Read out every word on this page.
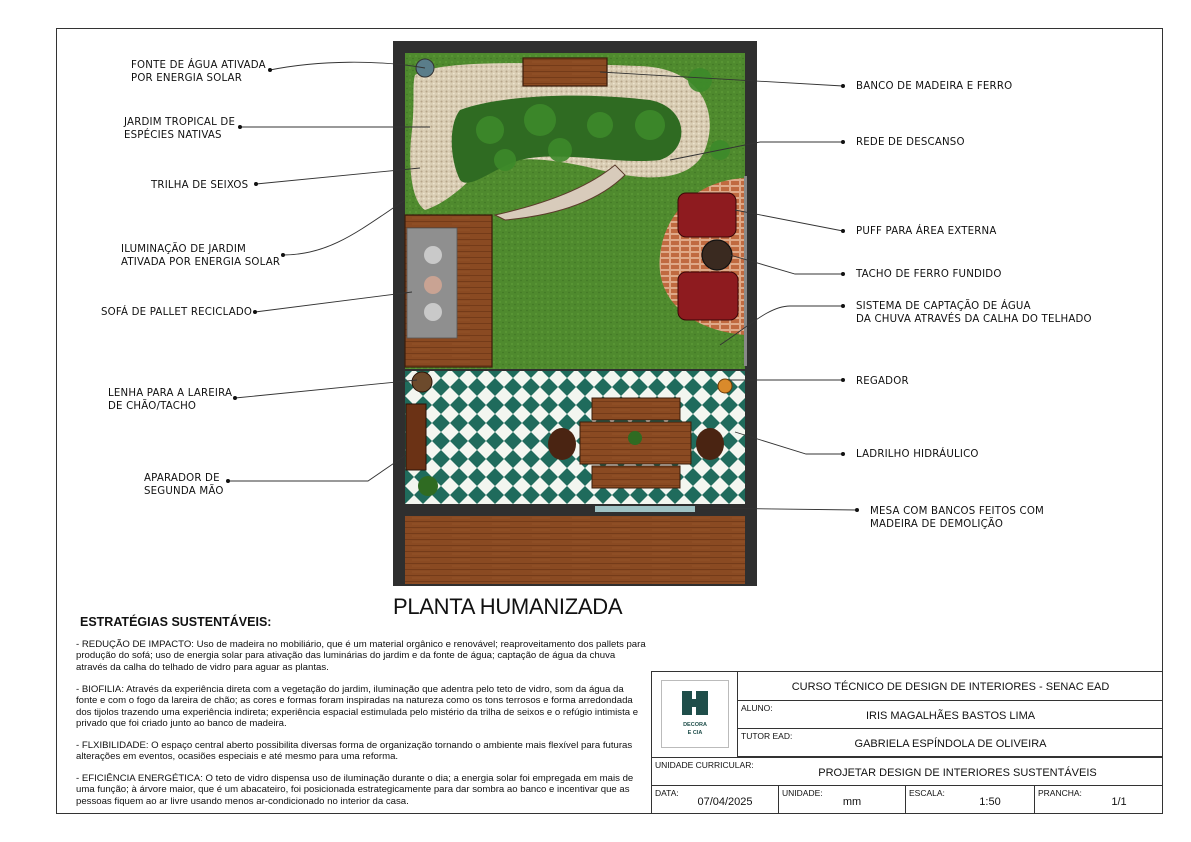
FONTE DE ÁGUA ATIVADA
POR ENERGIA SOLAR
JARDIM TROPICAL DE
ESPÉCIES NATIVAS
TRILHA DE SEIXOS
ILUMINAÇÃO DE JARDIM
ATIVADA POR ENERGIA SOLAR
SOFÁ DE PALLET RECICLADO
LENHA PARA A LAREIRA
DE CHÃO/TACHO
APARADOR DE
SEGUNDA MÃO
BANCO DE MADEIRA E FERRO
REDE DE DESCANSO
PUFF PARA ÁREA EXTERNA
TACHO DE FERRO FUNDIDO
SISTEMA DE CAPTAÇÃO DE ÁGUA
DA CHUVA ATRAVÉS DA CALHA DO TELHADO
REGADOR
LADRILHO HIDRÁULICO
MESA COM BANCOS FEITOS COM
MADEIRA DE DEMOLIÇÃO
PLANTA HUMANIZADA
ESTRATÉGIAS SUSTENTÁVEIS:
- REDUÇÃO DE IMPACTO: Uso de madeira no mobiliário, que é um material orgânico e renovável; reaproveitamento dos pallets para produção do sofá; uso de energia solar para ativação das luminárias do jardim e da fonte de água; captação de água da chuva através da calha do telhado de vidro para aguar as plantas.
- BIOFILIA: Através da experiência direta com a vegetação do jardim, iluminação que adentra pelo teto de vidro, som da água da fonte e com o fogo da lareira de chão; as cores e formas foram inspiradas na natureza como os tons terrosos e forma arredondada dos tijolos trazendo uma experiência indireta; experiência espacial estimulada pelo mistério da trilha de seixos e o refúgio intimista e privado que foi criado junto ao banco de madeira.
- FLXIBILIDADE: O espaço central aberto possibilita diversas forma de organização tornando o ambiente mais flexível para futuras alterações em eventos, ocasiões especiais e até mesmo para uma reforma.
- EFICIÊNCIA ENERGÉTICA: O teto de vidro dispensa uso de iluminação durante o dia; a energia solar foi empregada em mais de uma função; à árvore maior, que é um abacateiro, foi posicionada estrategicamente para dar sombra ao banco e incentivar que as pessoas fiquem ao ar livre usando menos ar-condicionado no interior da casa.
DECORA
E CIA
CURSO TÉCNICO DE DESIGN DE INTERIORES - SENAC EAD
ALUNO:
IRIS MAGALHÃES BASTOS LIMA
TUTOR EAD:
GABRIELA ESPÍNDOLA DE OLIVEIRA
UNIDADE CURRICULAR:
PROJETAR DESIGN DE INTERIORES SUSTENTÁVEIS
DATA:
07/04/2025
UNIDADE:
mm
ESCALA:
1:50
PRANCHA:
1/1
